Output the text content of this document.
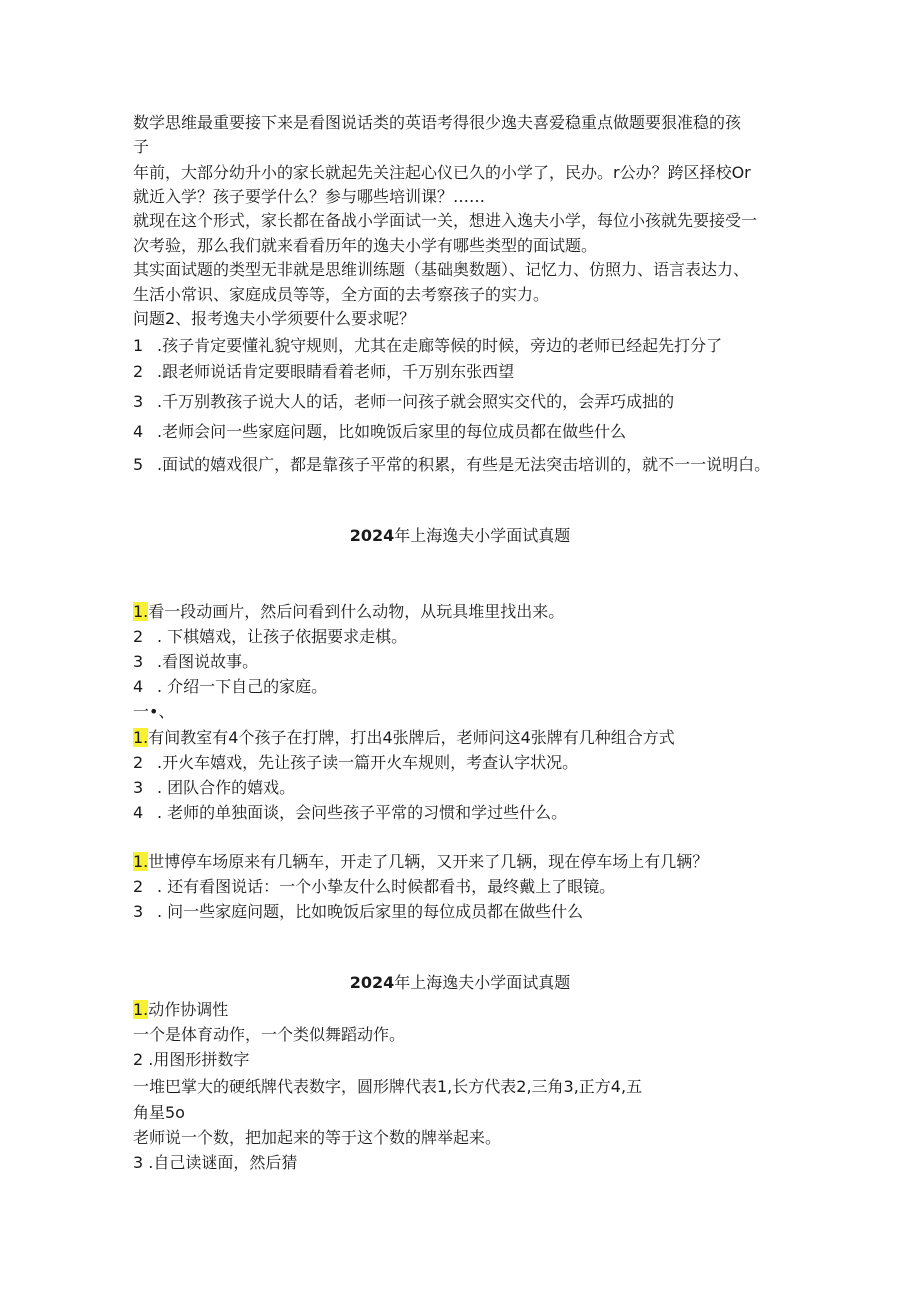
数学思维最重要接下来是看图说话类的英语考得很少逸夫喜爱稳重点做题要狠准稳的孩
子
年前，大部分幼升小的家长就起先关注起心仪已久的小学了，民办。r公办？跨区择校Or
就近入学？孩子要学什么？参与哪些培训课？……
就现在这个形式，家长都在备战小学面试一关，想进入逸夫小学，每位小孩就先要接受一
次考验，那么我们就来看看历年的逸夫小学有哪些类型的面试题。
其实面试题的类型无非就是思维训练题（基础奥数题）、记忆力、仿照力、语言表达力、
生活小常识、家庭成员等等，全方面的去考察孩子的实力。
问题2、报考逸夫小学须要什么要求呢？
1 .孩子肯定要懂礼貌守规则，尤其在走廊等候的时候，旁边的老师已经起先打分了
2 .跟老师说话肯定要眼睛看着老师，千万别东张西望
3 .千万别教孩子说大人的话，老师一问孩子就会照实交代的，会弄巧成拙的
4 .老师会问一些家庭问题，比如晚饭后家里的每位成员都在做些什么
5 .面试的嬉戏很广，都是靠孩子平常的积累，有些是无法突击培训的，就不一一说明白。
2024年上海逸夫小学面试真题
1.看一段动画片，然后问看到什么动物，从玩具堆里找出来。
2 . 下棋嬉戏，让孩子依据要求走棋。
3 .看图说故事。
4 . 介绍一下自己的家庭。
一•、
1.有间教室有4个孩子在打牌，打出4张牌后，老师问这4张牌有几种组合方式
2 .开火车嬉戏，先让孩子读一篇开火车规则，考查认字状况。
3 . 团队合作的嬉戏。
4 . 老师的单独面谈，会问些孩子平常的习惯和学过些什么。
1.世博停车场原来有几辆车，开走了几辆，又开来了几辆，现在停车场上有几辆？
2 . 还有看图说话：一个小挚友什么时候都看书，最终戴上了眼镜。
3 . 问一些家庭问题，比如晚饭后家里的每位成员都在做些什么
2024年上海逸夫小学面试真题
1.动作协调性
一个是体育动作，一个类似舞蹈动作。
2 .用图形拼数字
一堆巴掌大的硬纸牌代表数字，圆形牌代表1,长方代表2,三角3,正方4,五
角星5o
老师说一个数，把加起来的等于这个数的牌举起来。
3 .自己读谜面，然后猜
